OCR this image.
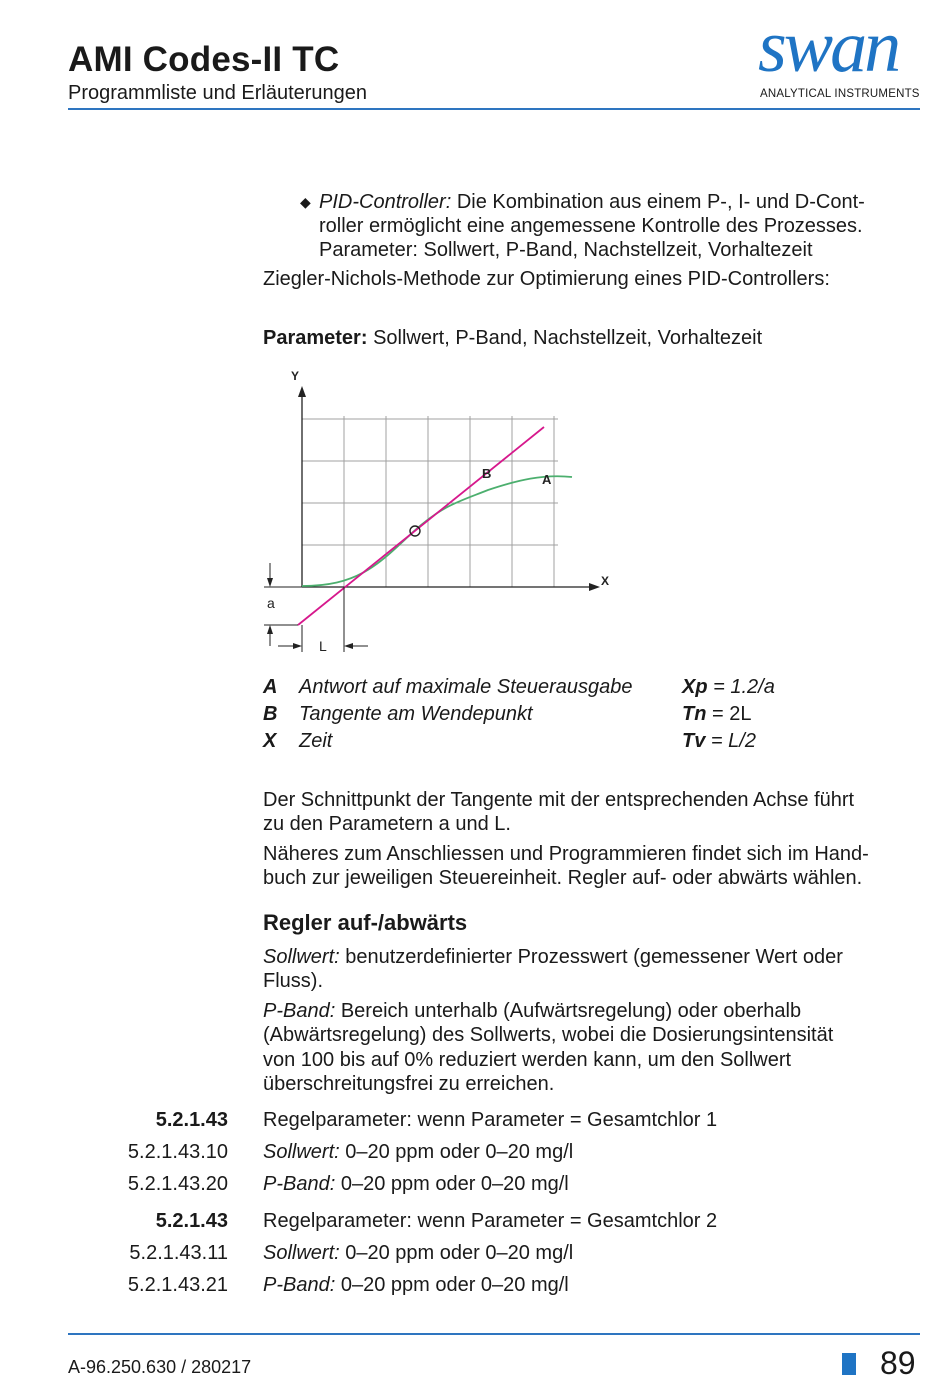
AMI Codes-II TC
Programmliste und Erläuterungen
swan
ANALYTICAL INSTRUMENTS
◆ PID-Controller: Die Kombination aus einem P-, I- und D-Cont-
roller ermöglicht eine angemessene Kontrolle des Prozesses.
Parameter: Sollwert, P-Band, Nachstellzeit, Vorhaltezeit
Ziegler-Nichols-Methode zur Optimierung eines PID-Controllers:
Parameter: Sollwert, P-Band, Nachstellzeit, Vorhaltezeit
Y
X
B	A
a
L
A Antwort auf maximale Steuerausgabe Xp = 1.2/a
B Tangente am Wendepunkt	Tn = 2L
X Zeit	Tv = L/2
Der Schnittpunkt der Tangente mit der entsprechenden Achse führt
zu den Parametern a und L.
Näheres zum Anschliessen und Programmieren findet sich im Hand-
buch zur jeweiligen Steuereinheit. Regler auf- oder abwärts wählen.
Regler auf-/abwärts
Sollwert: benutzerdefinierter Prozesswert (gemessener Wert oder
Fluss).
P-Band: Bereich unterhalb (Aufwärtsregelung) oder oberhalb
(Abwärtsregelung) des Sollwerts, wobei die Dosierungsintensität
von 100 bis auf 0% reduziert werden kann, um den Sollwert
überschreitungsfrei zu erreichen.
5.2.1.43 Regelparameter: wenn Parameter = Gesamtchlor 1
5.2.1.43.10 Sollwert: 0–20 ppm oder 0–20 mg/l
5.2.1.43.20 P-Band: 0–20 ppm oder 0–20 mg/l
5.2.1.43 Regelparameter: wenn Parameter = Gesamtchlor 2
5.2.1.43.11 Sollwert: 0–20 ppm oder 0–20 mg/l
5.2.1.43.21 P-Band: 0–20 ppm oder 0–20 mg/l
A-96.250.630 / 280217	89
